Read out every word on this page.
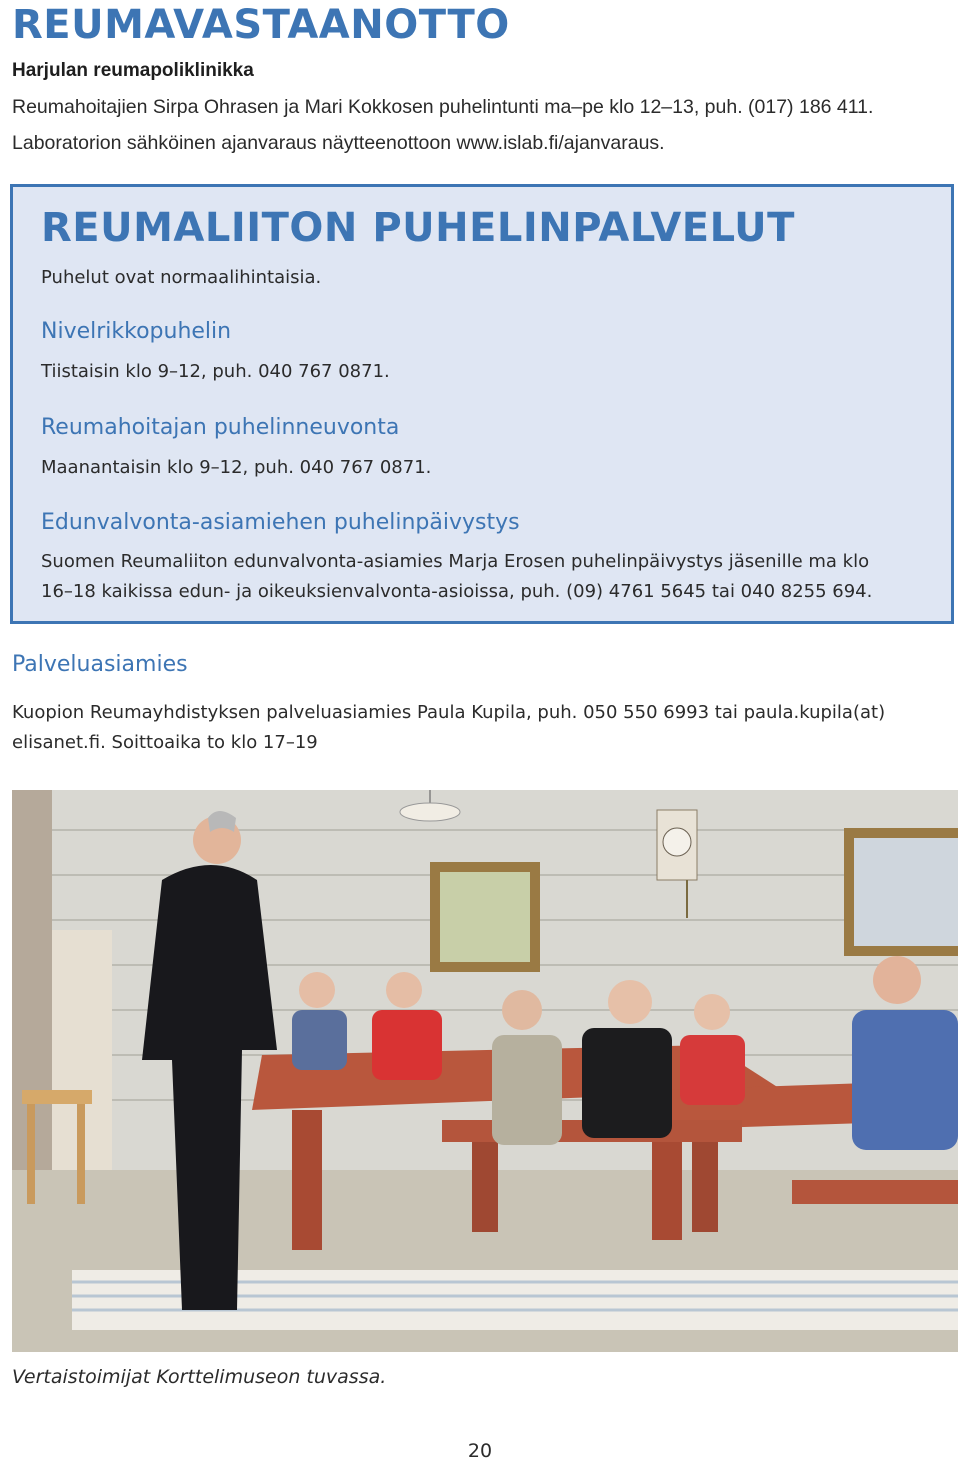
REUMAVASTAANOTTO
Harjulan reumapoliklinikka
Reumahoitajien Sirpa Ohrasen ja Mari Kokkosen puhelintunti ma–pe klo 12–13, puh. (017) 186 411.
Laboratorion sähköinen ajanvaraus näytteenottoon www.islab.fi/ajanvaraus.
REUMALIITON PUHELINPALVELUT
Puhelut ovat normaalihintaisia.
Nivelrikkopuhelin
Tiistaisin klo 9–12, puh. 040 767 0871.
Reumahoitajan puhelinneuvonta
Maanantaisin klo 9–12, puh. 040 767 0871.
Edunvalvonta-asiamiehen puhelinpäivystys
Suomen Reumaliiton edunvalvonta-asiamies Marja Erosen puhelinpäivystys jäsenille ma klo
16–18 kaikissa edun- ja oikeuksienvalvonta-asioissa, puh. (09) 4761 5645 tai 040 8255 694.
Palveluasiamies
Kuopion Reumayhdistyksen palveluasiamies Paula Kupila, puh. 050 550 6993 tai paula.kupila(at)
elisanet.fi. Soittoaika to klo 17–19
Vertaistoimijat Korttelimuseon tuvassa.
20
